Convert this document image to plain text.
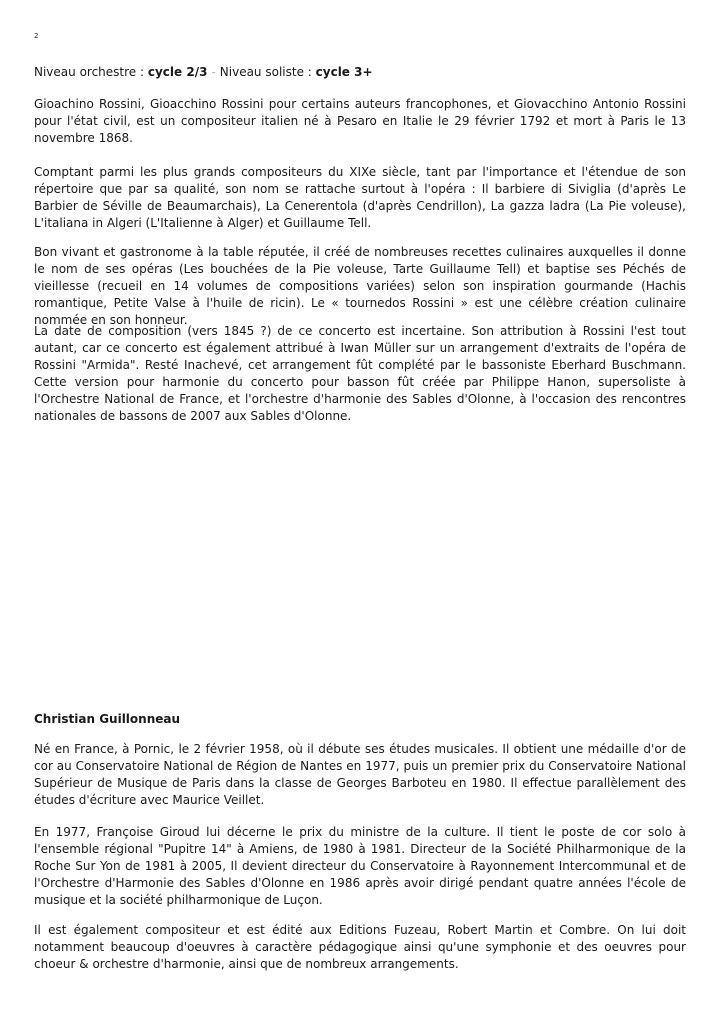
2
Niveau orchestre : cycle 2/3 - Niveau soliste : cycle 3+

Gioachino Rossini, Gioacchino Rossini pour certains auteurs francophones, et Giovacchino Antonio Rossini pour l'état civil, est un compositeur italien né à Pesaro en Italie le 29 février 1792 et mort à Paris le 13 novembre 1868.

Comptant parmi les plus grands compositeurs du XIXe siècle, tant par l'importance et l'étendue de son répertoire que par sa qualité, son nom se rattache surtout à l'opéra : Il barbiere di Siviglia (d'après Le Barbier de Séville de Beaumarchais), La Cenerentola (d'après Cendrillon), La gazza ladra (La Pie voleuse), L'italiana in Algeri (L'Italienne à Alger) et Guillaume Tell.

Bon vivant et gastronome à la table réputée, il créé de nombreuses recettes culinaires auxquelles il donne le nom de ses opéras (Les bouchées de la Pie voleuse, Tarte Guillaume Tell) et baptise ses Péchés de vieillesse (recueil en 14 volumes de compositions variées) selon son inspiration gourmande (Hachis romantique, Petite Valse à l'huile de ricin). Le « tournedos Rossini » est une célèbre création culinaire nommée en son honneur.

La date de composition (vers 1845 ?) de ce concerto est incertaine. Son attribution à Rossini l'est tout autant, car ce concerto est également attribué à Iwan Müller sur un arrangement d'extraits de l'opéra de Rossini "Armida". Resté Inachevé, cet arrangement fût complété par le bassoniste Eberhard Buschmann. Cette version pour harmonie du concerto pour basson fût créée par Philippe Hanon, supersoliste à l'Orchestre National de France, et l'orchestre d'harmonie des Sables d'Olonne, à l'occasion des rencontres nationales de bassons de 2007 aux Sables d'Olonne.

Christian Guillonneau

Né en France, à Pornic, le 2 février 1958, où il débute ses études musicales. Il obtient une médaille d'or de cor au Conservatoire National de Région de Nantes en 1977, puis un premier prix du Conservatoire National Supérieur de Musique de Paris dans la classe de Georges Barboteu en 1980. Il effectue parallèlement des études d'écriture avec Maurice Veillet.

En 1977, Françoise Giroud lui décerne le prix du ministre de la culture. Il tient le poste de cor solo à l'ensemble régional "Pupitre 14" à Amiens, de 1980 à 1981. Directeur de la Société Philharmonique de la Roche Sur Yon de 1981 à 2005, Il devient directeur du Conservatoire à Rayonnement Intercommunal et de l'Orchestre d'Harmonie des Sables d'Olonne en 1986 après avoir dirigé pendant quatre années l'école de musique et la société philharmonique de Luçon.

Il est également compositeur et est édité aux Editions Fuzeau, Robert Martin et Combre. On lui doit notamment beaucoup d'oeuvres à caractère pédagogique ainsi qu'une symphonie et des oeuvres pour choeur & orchestre d'harmonie, ainsi que de nombreux arrangements.
